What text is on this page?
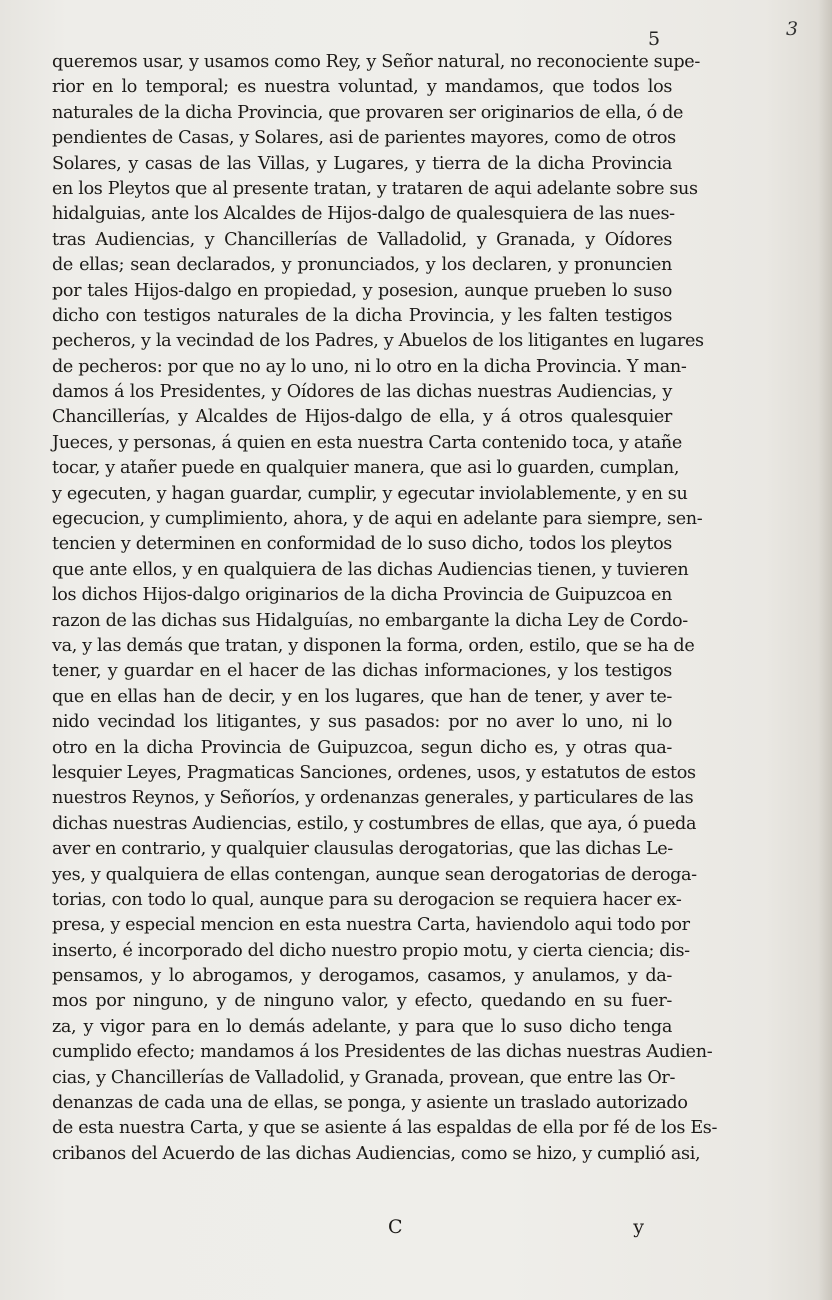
3
5
queremos usar, y usamos como Rey, y Señor natural, no reconociente supe-
rior en lo temporal; es nuestra voluntad, y mandamos, que todos los
naturales de la dicha Provincia, que provaren ser originarios de ella, ó de
pendientes de Casas, y Solares, asi de parientes mayores, como de otros
Solares, y casas de las Villas, y Lugares, y tierra de la dicha Provincia
en los Pleytos que al presente tratan, y trataren de aqui adelante sobre sus
hidalguias, ante los Alcaldes de Hijos-dalgo de qualesquiera de las nues-
tras Audiencias, y Chancillerías de Valladolid, y Granada, y Oídores
de ellas; sean declarados, y pronunciados, y los declaren, y pronuncien
por tales Hijos-dalgo en propiedad, y posesion, aunque prueben lo suso
dicho con testigos naturales de la dicha Provincia, y les falten testigos
pecheros, y la vecindad de los Padres, y Abuelos de los litigantes en lugares
de pecheros: por que no ay lo uno, ni lo otro en la dicha Provincia. Y man-
damos á los Presidentes, y Oídores de las dichas nuestras Audiencias, y
Chancillerías, y Alcaldes de Hijos-dalgo de ella, y á otros qualesquier
Jueces, y personas, á quien en esta nuestra Carta contenido toca, y atañe
tocar, y atañer puede en qualquier manera, que asi lo guarden, cumplan,
y egecuten, y hagan guardar, cumplir, y egecutar inviolablemente, y en su
egecucion, y cumplimiento, ahora, y de aqui en adelante para siempre, sen-
tencien y determinen en conformidad de lo suso dicho, todos los pleytos
que ante ellos, y en qualquiera de las dichas Audiencias tienen, y tuvieren
los dichos Hijos-dalgo originarios de la dicha Provincia de Guipuzcoa en
razon de las dichas sus Hidalguías, no embargante la dicha Ley de Cordo-
va, y las demás que tratan, y disponen la forma, orden, estilo, que se ha de
tener, y guardar en el hacer de las dichas informaciones, y los testigos
que en ellas han de decir, y en los lugares, que han de tener, y aver te-
nido vecindad los litigantes, y sus pasados: por no aver lo uno, ni lo
otro en la dicha Provincia de Guipuzcoa, segun dicho es, y otras qua-
lesquier Leyes, Pragmaticas Sanciones, ordenes, usos, y estatutos de estos
nuestros Reynos, y Señoríos, y ordenanzas generales, y particulares de las
dichas nuestras Audiencias, estilo, y costumbres de ellas, que aya, ó pueda
aver en contrario, y qualquier clausulas derogatorias, que las dichas Le-
yes, y qualquiera de ellas contengan, aunque sean derogatorias de deroga-
torias, con todo lo qual, aunque para su derogacion se requiera hacer ex-
presa, y especial mencion en esta nuestra Carta, haviendolo aqui todo por
inserto, é incorporado del dicho nuestro propio motu, y cierta ciencia; dis-
pensamos, y lo abrogamos, y derogamos, casamos, y anulamos, y da-
mos por ninguno, y de ninguno valor, y efecto, quedando en su fuer-
za, y vigor para en lo demás adelante, y para que lo suso dicho tenga
cumplido efecto; mandamos á los Presidentes de las dichas nuestras Audien-
cias, y Chancillerías de Valladolid, y Granada, provean, que entre las Or-
denanzas de cada una de ellas, se ponga, y asiente un traslado autorizado
de esta nuestra Carta, y que se asiente á las espaldas de ella por fé de los Es-
cribanos del Acuerdo de las dichas Audiencias, como se hizo, y cumplió asi,
C	y
